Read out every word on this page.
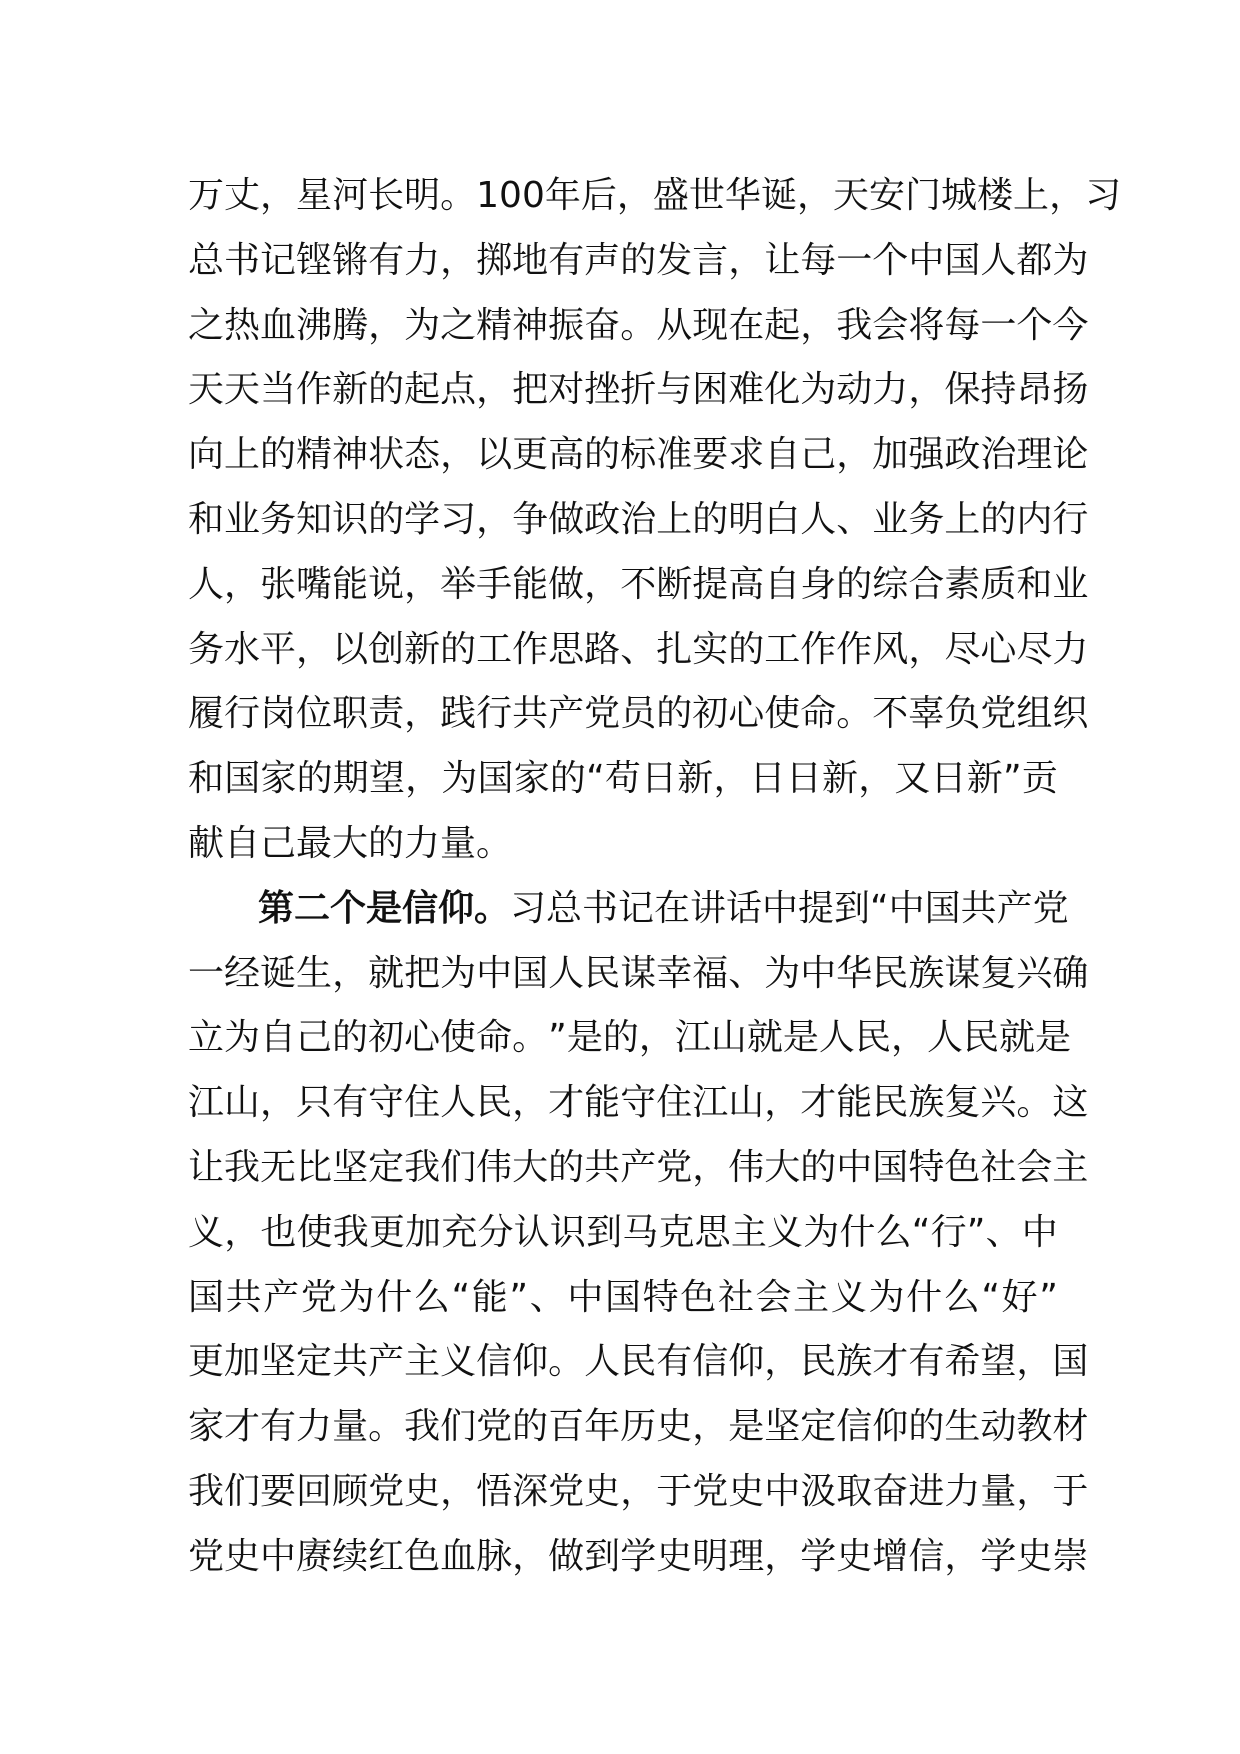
万 丈 ， 星 河 长 明 。 1 0 0 年 后 ， 盛 世 华 诞 ， 天 安 门 城 楼 上 ， 习
总 书 记 铿 锵 有 力 ， 掷 地 有 声 的 发 言 ， 让 每 一 个 中 国 人 都 为
之 热 血 沸 腾 ， 为 之 精 神 振 奋 。 从 现 在 起 ， 我 会 将 每 一 个 今
天 天 当 作 新 的 起 点 ， 把 对 挫 折 与 困 难 化 为 动 力 ， 保 持 昂 扬
向 上 的 精 神 状 态 ， 以 更 高 的 标 准 要 求 自 己 ， 加 强 政 治 理 论
和 业 务 知 识 的 学 习 ， 争 做 政 治 上 的 明 白 人 、 业 务 上 的 内 行
人 ， 张 嘴 能 说 ， 举 手 能 做 ， 不 断 提 高 自 身 的 综 合 素 质 和 业
务 水 平 ， 以 创 新 的 工 作 思 路 、 扎 实 的 工 作 作 风 ， 尽 心 尽 力
履 行 岗 位 职 责 ， 践 行 共 产 党 员 的 初 心 使 命 。 不 辜 负 党 组 织
和 国 家 的 期 望 ， 为 国 家 的 “ 苟 日 新 ， 日 日 新 ， 又 日 新 ” 贡
献自己最大的力量。
第二个是信仰。习总书记在讲话中提到“中国共产党
一 经 诞 生 ， 就 把 为 中 国 人 民 谋 幸 福 、 为 中 华 民 族 谋 复 兴 确
立 为 自 己 的 初 心 使 命 。 ” 是 的 ， 江 山 就 是 人 民 ， 人 民 就 是
江 山 ， 只 有 守 住 人 民 ， 才 能 守 住 江 山 ， 才 能 民 族 复 兴 。 这
让 我 无 比 坚 定 我 们 伟 大 的 共 产 党 ， 伟 大 的 中 国 特 色 社 会 主
义 ， 也 使 我 更 加 充 分 认 识 到 马 克 思 主 义 为 什 么 “ 行 ” 、 中
国 共 产 党 为 什 么 “ 能 ” 、 中 国 特 色 社 会 主 义 为 什 么 “ 好 ”
更 加 坚 定 共 产 主 义 信 仰 。 人 民 有 信 仰 ， 民 族 才 有 希 望 ， 国
家 才 有 力 量 。 我 们 党 的 百 年 历 史 ， 是 坚 定 信 仰 的 生 动 教 材
我 们 要 回 顾 党 史 ， 悟 深 党 史 ， 于 党 史 中 汲 取 奋 进 力 量 ， 于
党 史 中 赓 续 红 色 血 脉 ， 做 到 学 史 明 理 ， 学 史 增 信 ， 学 史 崇
